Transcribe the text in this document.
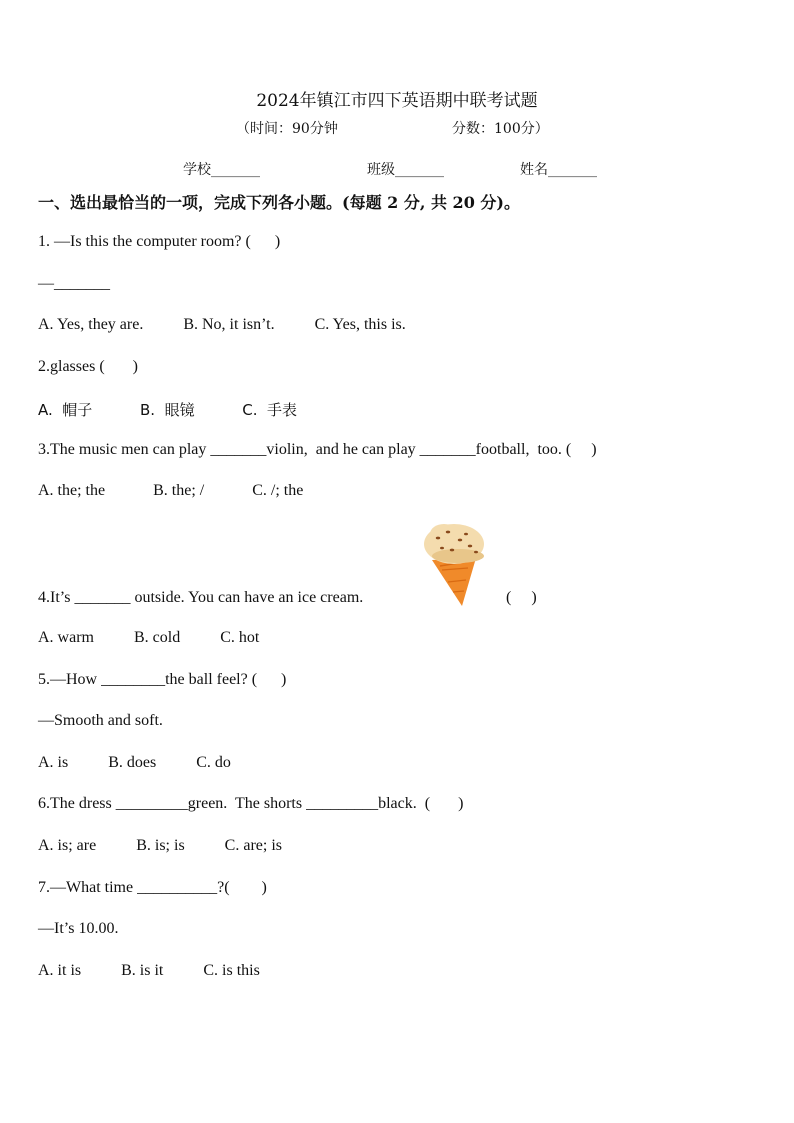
2024年镇江市四下英语期中联考试题
（时间：90分钟	分数：100分）
学校_______	班级_______	姓名_______
一、选出最恰当的一项，完成下列各小题。(每题 2 分, 共 20 分)。
1. —Is this the computer room? (      )
—_______
A. Yes, they are.          B. No, it isn’t.          C. Yes, this is.
2.glasses (       )
A.  帽子          B.  眼镜          C.  手表
3.The music men can play _______violin,  and he can play _______football,  too. (     )
A. the; the            B. the; /            C. /; the
4.It’s _______ outside. You can have an ice cream.	(     )
A. warm          B. cold          C. hot
5.—How ________the ball feel? (      )
—Smooth and soft.
A. is          B. does          C. do
6.The dress _________green.  The shorts _________black.  (       )
A. is; are          B. is; is          C. are; is
7.—What time __________?(        )
—It’s 10.00.
A. it is          B. is it          C. is this
